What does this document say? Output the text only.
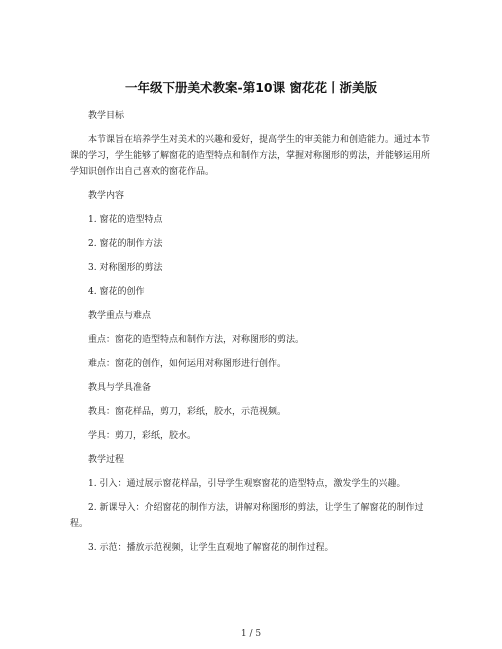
一年级下册美术教案-第10课 窗花花丨浙美版
教学目标
本节课旨在培养学生对美术的兴趣和爱好，提高学生的审美能力和创造能力。通过本节课的学习，学生能够了解窗花的造型特点和制作方法，掌握对称图形的剪法，并能够运用所学知识创作出自己喜欢的窗花作品。
教学内容
1. 窗花的造型特点
2. 窗花的制作方法
3. 对称图形的剪法
4. 窗花的创作
教学重点与难点
重点：窗花的造型特点和制作方法，对称图形的剪法。
难点：窗花的创作，如何运用对称图形进行创作。
教具与学具准备
教具：窗花样品，剪刀，彩纸，胶水，示范视频。
学具：剪刀，彩纸，胶水。
教学过程
1. 引入：通过展示窗花样品，引导学生观察窗花的造型特点，激发学生的兴趣。
2. 新课导入：介绍窗花的制作方法，讲解对称图形的剪法，让学生了解窗花的制作过程。
3. 示范：播放示范视频，让学生直观地了解窗花的制作过程。
1 / 5
